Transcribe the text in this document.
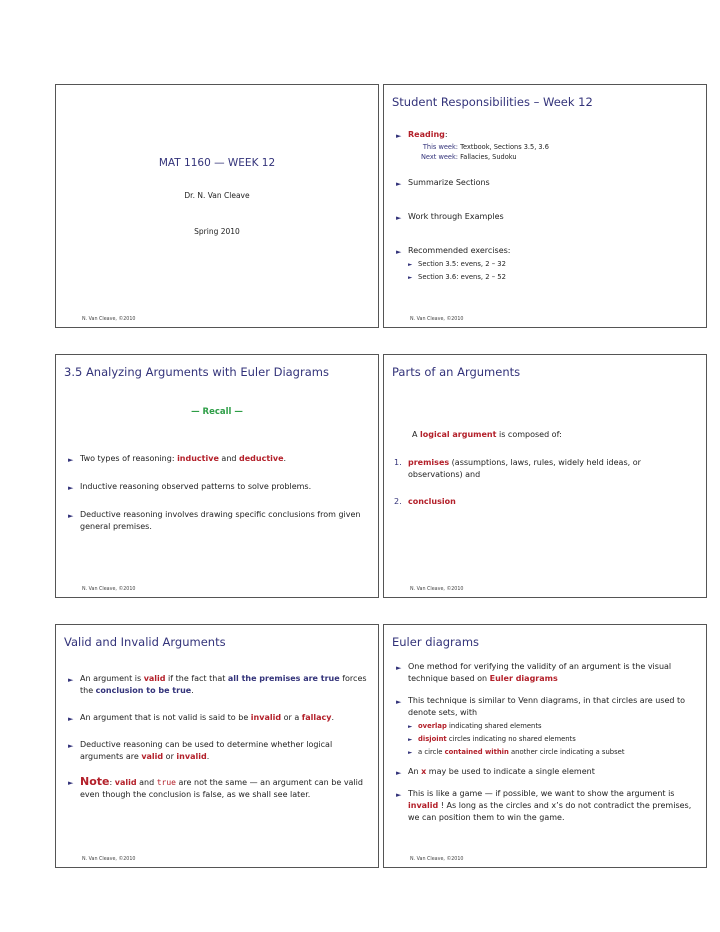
MAT 1160 — WEEK 12
Dr. N. Van Cleave
Spring 2010
N. Van Cleave, ©2010
Student Responsibilities – Week 12
► Reading:
This week: Textbook, Sections 3.5, 3.6
Next week: Fallacies, Sudoku
► Summarize Sections
► Work through Examples
► Recommended exercises:
► Section 3.5: evens, 2 – 32
► Section 3.6: evens, 2 – 52
N. Van Cleave, ©2010
3.5 Analyzing Arguments with Euler Diagrams
— Recall —
► Two types of reasoning: inductive and deductive.
► Inductive reasoning observed patterns to solve problems.
► Deductive reasoning involves drawing specific conclusions from given general premises.
N. Van Cleave, ©2010
Parts of an Arguments
A logical argument is composed of:
1. premises (assumptions, laws, rules, widely held ideas, or observations) and
2. conclusion
N. Van Cleave, ©2010
Valid and Invalid Arguments
► An argument is valid if the fact that all the premises are true forces the conclusion to be true.
► An argument that is not valid is said to be invalid or a fallacy.
► Deductive reasoning can be used to determine whether logical arguments are valid or invalid.
► Note: valid and true are not the same — an argument can be valid even though the conclusion is false, as we shall see later.
N. Van Cleave, ©2010
Euler diagrams
► One method for verifying the validity of an argument is the visual technique based on Euler diagrams
► This technique is similar to Venn diagrams, in that circles are used to denote sets, with
► overlap indicating shared elements
► disjoint circles indicating no shared elements
► a circle contained within another circle indicating a subset
► An x may be used to indicate a single element
► This is like a game — if possible, we want to show the argument is invalid ! As long as the circles and x’s do not contradict the premises, we can position them to win the game.
N. Van Cleave, ©2010
